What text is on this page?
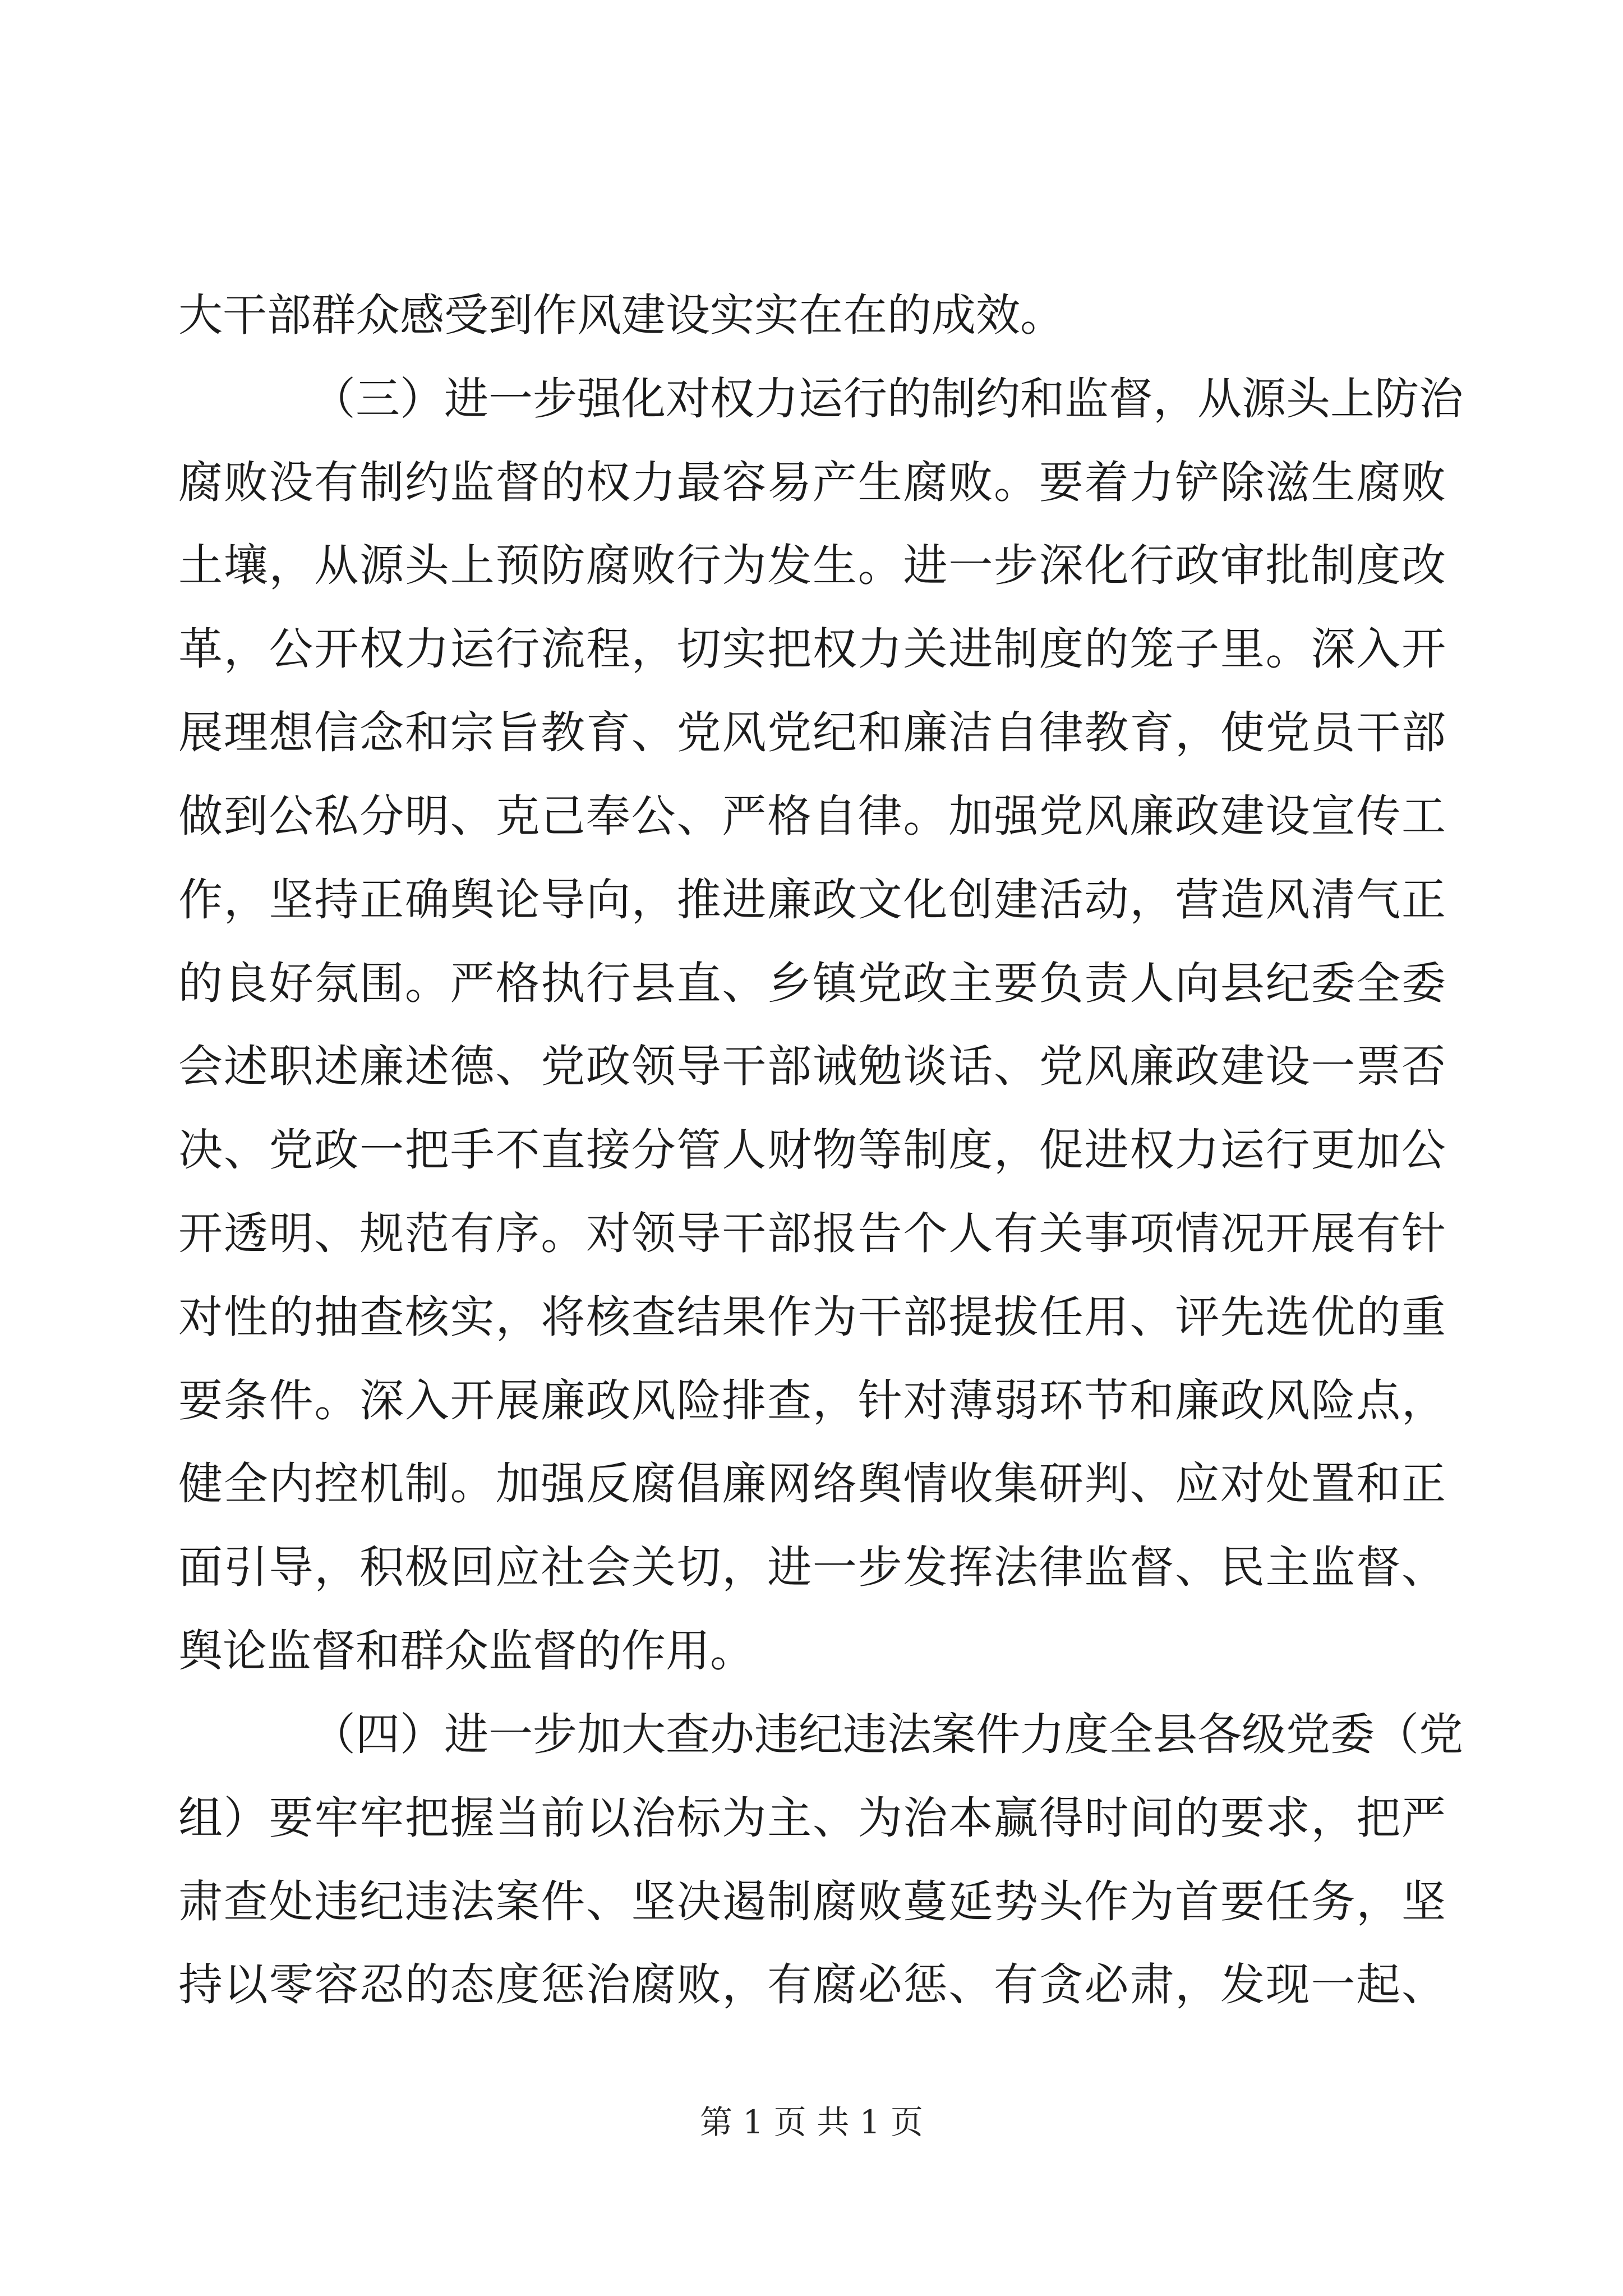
大干部群众感受到作风建设实实在在的成效。
（三）进一步强化对权力运行的制约和监督，从源头上防治
腐败没有制约监督的权力最容易产生腐败。要着力铲除滋生腐败
土壤，从源头上预防腐败行为发生。进一步深化行政审批制度改
革，公开权力运行流程，切实把权力关进制度的笼子里。深入开
展理想信念和宗旨教育、党风党纪和廉洁自律教育，使党员干部
做到公私分明、克己奉公、严格自律。加强党风廉政建设宣传工
作，坚持正确舆论导向，推进廉政文化创建活动，营造风清气正
的良好氛围。严格执行县直、乡镇党政主要负责人向县纪委全委
会述职述廉述德、党政领导干部诫勉谈话、党风廉政建设一票否
决、党政一把手不直接分管人财物等制度，促进权力运行更加公
开透明、规范有序。对领导干部报告个人有关事项情况开展有针
对性的抽查核实，将核查结果作为干部提拔任用、评先选优的重
要条件。深入开展廉政风险排查，针对薄弱环节和廉政风险点，
健全内控机制。加强反腐倡廉网络舆情收集研判、应对处置和正
面引导，积极回应社会关切，进一步发挥法律监督、民主监督、
舆论监督和群众监督的作用。
（四）进一步加大查办违纪违法案件力度全县各级党委（党
组）要牢牢把握当前以治标为主、为治本赢得时间的要求，把严
肃查处违纪违法案件、坚决遏制腐败蔓延势头作为首要任务，坚
持以零容忍的态度惩治腐败，有腐必惩、有贪必肃，发现一起、
第 1 页 共 1 页
